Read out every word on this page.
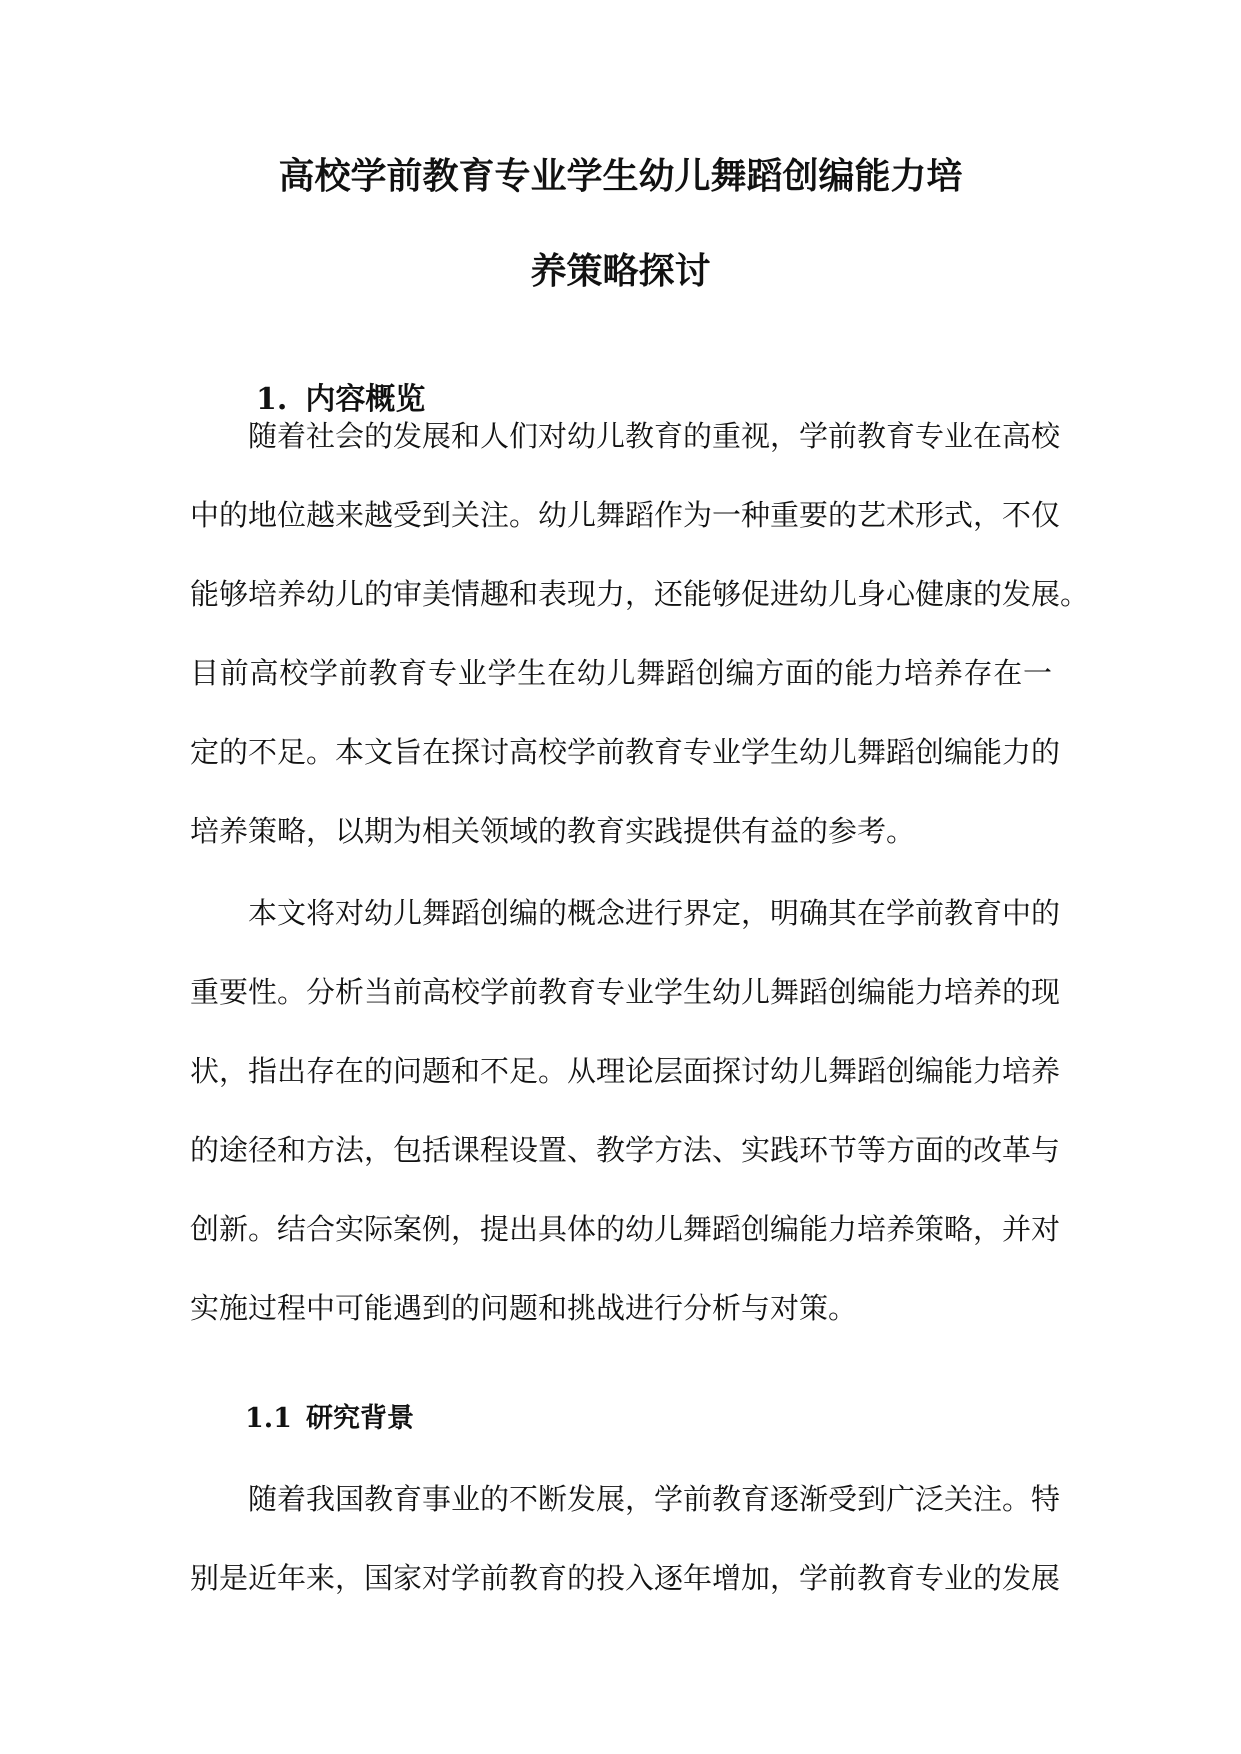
高校学前教育专业学生幼儿舞蹈创编能力培
养策略探讨
1. 内容概览
随着社会的发展和人们对幼儿教育的重视，学前教育专业在高校
中的地位越来越受到关注。幼儿舞蹈作为一种重要的艺术形式，不仅
能够培养幼儿的审美情趣和表现力，还能够促进幼儿身心健康的发展。
目前高校学前教育专业学生在幼儿舞蹈创编方面的能力培养存在一
定的不足。本文旨在探讨高校学前教育专业学生幼儿舞蹈创编能力的
培养策略，以期为相关领域的教育实践提供有益的参考。
本文将对幼儿舞蹈创编的概念进行界定，明确其在学前教育中的
重要性。分析当前高校学前教育专业学生幼儿舞蹈创编能力培养的现
状，指出存在的问题和不足。从理论层面探讨幼儿舞蹈创编能力培养
的途径和方法，包括课程设置、教学方法、实践环节等方面的改革与
创新。结合实际案例，提出具体的幼儿舞蹈创编能力培养策略，并对
实施过程中可能遇到的问题和挑战进行分析与对策。
1.1 研究背景
随着我国教育事业的不断发展，学前教育逐渐受到广泛关注。特
别是近年来，国家对学前教育的投入逐年增加，学前教育专业的发展
